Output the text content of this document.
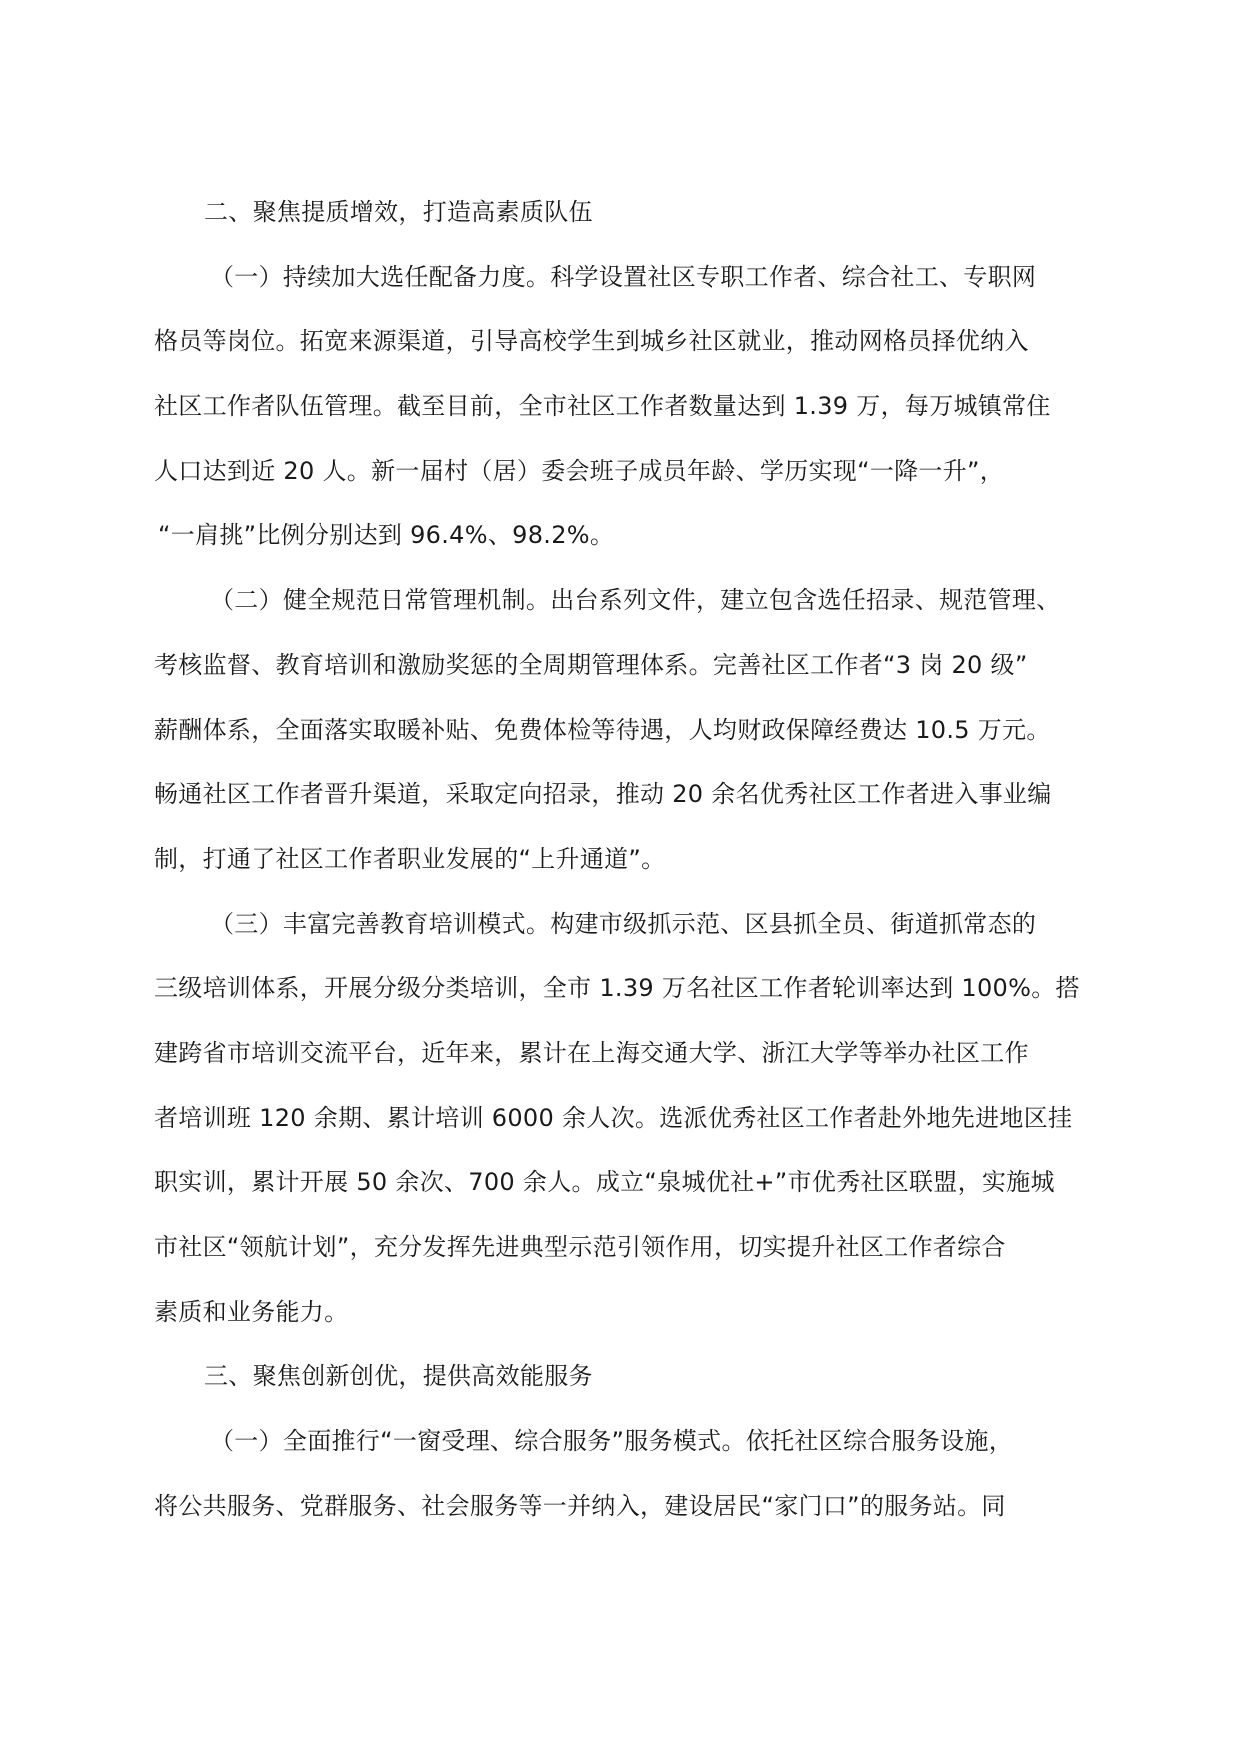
二、聚焦提质增效，打造高素质队伍
（一）持续加大选任配备力度。科学设置社区专职工作者、综合社工、专职网
格员等岗位。拓宽来源渠道，引导高校学生到城乡社区就业，推动网格员择优纳入
社区工作者队伍管理。截至目前，全市社区工作者数量达到 1.39 万，每万城镇常住
人口达到近 20 人。新一届村（居）委会班子成员年龄、学历实现“一降一升”，
“一肩挑”比例分别达到 96.4%、98.2%。
（二）健全规范日常管理机制。出台系列文件，建立包含选任招录、规范管理、
考核监督、教育培训和激励奖惩的全周期管理体系。完善社区工作者“3 岗 20 级”
薪酬体系，全面落实取暖补贴、免费体检等待遇，人均财政保障经费达 10.5 万元。
畅通社区工作者晋升渠道，采取定向招录，推动 20 余名优秀社区工作者进入事业编
制，打通了社区工作者职业发展的“上升通道”。
（三）丰富完善教育培训模式。构建市级抓示范、区县抓全员、街道抓常态的
三级培训体系，开展分级分类培训，全市 1.39 万名社区工作者轮训率达到 100%。搭
建跨省市培训交流平台，近年来，累计在上海交通大学、浙江大学等举办社区工作
者培训班 120 余期、累计培训 6000 余人次。选派优秀社区工作者赴外地先进地区挂
职实训，累计开展 50 余次、700 余人。成立“泉城优社+”市优秀社区联盟，实施城
市社区“领航计划”，充分发挥先进典型示范引领作用，切实提升社区工作者综合
素质和业务能力。
三、聚焦创新创优，提供高效能服务
（一）全面推行“一窗受理、综合服务”服务模式。依托社区综合服务设施，
将公共服务、党群服务、社会服务等一并纳入，建设居民“家门口”的服务站。同
